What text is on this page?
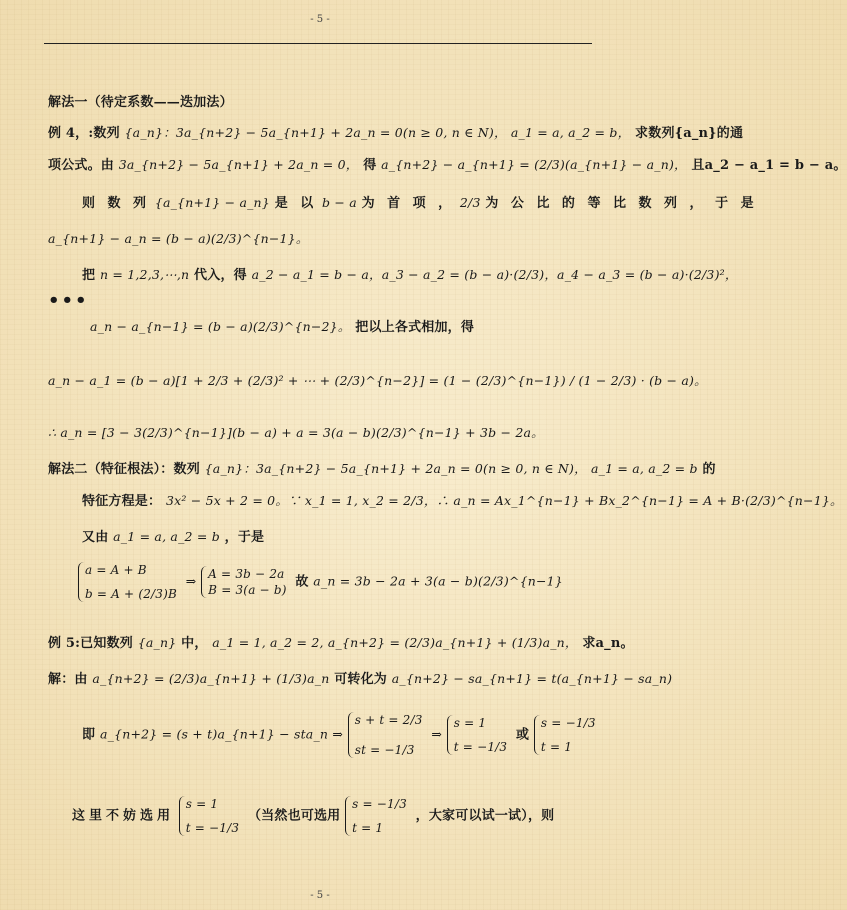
- 5 -
解法一（待定系数——迭加法）
例 4，:数列 {a_n}：3a_{n+2} − 5a_{n+1} + 2a_n = 0(n ≥ 0, n ∈ N)， a_1 = a, a_2 = b， 求数列{a_n}的通
项公式。由 3a_{n+2} − 5a_{n+1} + 2a_n = 0， 得 a_{n+2} − a_{n+1} = (2/3)(a_{n+1} − a_n)， 且a_2 − a_1 = b − a。
则 数 列 {a_{n+1} − a_n} 是 以 b − a 为 首 项 ， 2/3 为 公 比 的 等 比 数 列 ， 于 是
a_{n+1} − a_n = (b − a)(2/3)^{n−1}。
把 n = 1,2,3,⋯,n 代入，得 a_2 − a_1 = b − a，a_3 − a_2 = (b − a)·(2/3)，a_4 − a_3 = (b − a)·(2/3)²，
•••
a_n − a_{n−1} = (b − a)(2/3)^{n−2}。 把以上各式相加，得
a_n − a_1 = (b − a)[1 + 2/3 + (2/3)² + ⋯ + (2/3)^{n−2}] = (1 − (2/3)^{n−1}) / (1 − 2/3) · (b − a)。
∴ a_n = [3 − 3(2/3)^{n−1}](b − a) + a = 3(a − b)(2/3)^{n−1} + 3b − 2a。
解法二（特征根法）：数列 {a_n}：3a_{n+2} − 5a_{n+1} + 2a_n = 0(n ≥ 0, n ∈ N)， a_1 = a, a_2 = b 的
特征方程是： 3x² − 5x + 2 = 0。∵ x_1 = 1, x_2 = 2/3，∴ a_n = Ax_1^{n−1} + Bx_2^{n−1} = A + B·(2/3)^{n−1}。
又由 a_1 = a, a_2 = b ，于是
a = A + B
b = A + (2/3)B
⇒ A = 3b − 2a
B = 3(a − b)
故 a_n = 3b − 2a + 3(a − b)(2/3)^{n−1}
例 5:已知数列 {a_n} 中， a_1 = 1, a_2 = 2, a_{n+2} = (2/3)a_{n+1} + (1/3)a_n， 求a_n。
解：由 a_{n+2} = (2/3)a_{n+1} + (1/3)a_n 可转化为 a_{n+2} − sa_{n+1} = t(a_{n+1} − sa_n)
即 a_{n+2} = (s + t)a_{n+1} − sta_n ⇒
s + t = 2/3
st = −1/3
⇒
s = 1
t = −1/3
或
s = −1/3
t = 1
这里不妨选用
s = 1
t = −1/3
（当然也可选用
s = −1/3
t = 1
，大家可以试一试），则
- 5 -
